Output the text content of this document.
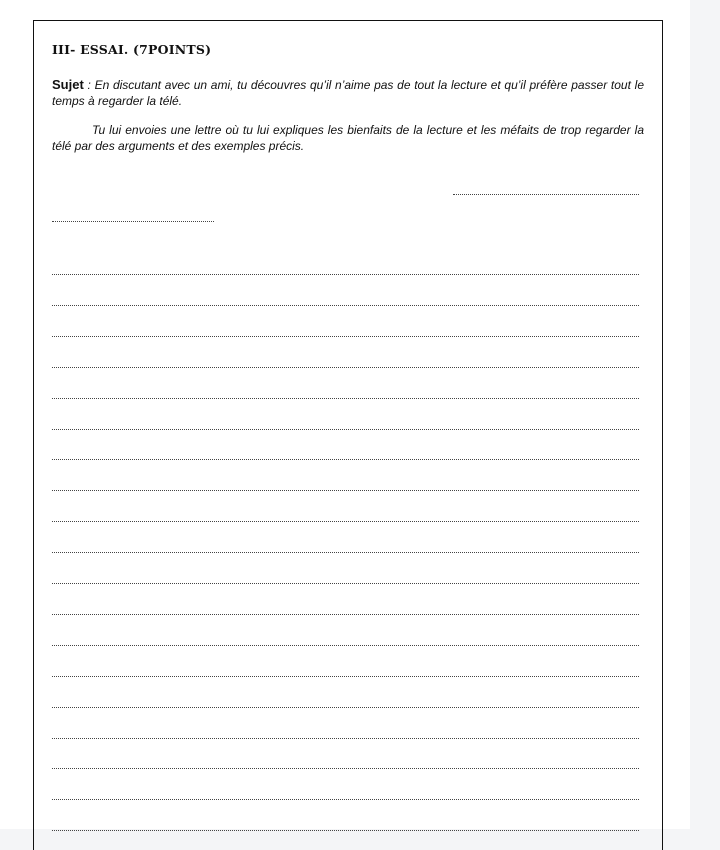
III- ESSAI. (7POINTS)
Sujet : En discutant avec un ami, tu découvres qu’il n’aime pas de tout la lecture et qu’il préfère passer tout le temps à regarder la télé.
Tu lui envoies une lettre où tu lui expliques les bienfaits de la lecture et les méfaits de trop regarder la télé par des arguments et des exemples précis.
